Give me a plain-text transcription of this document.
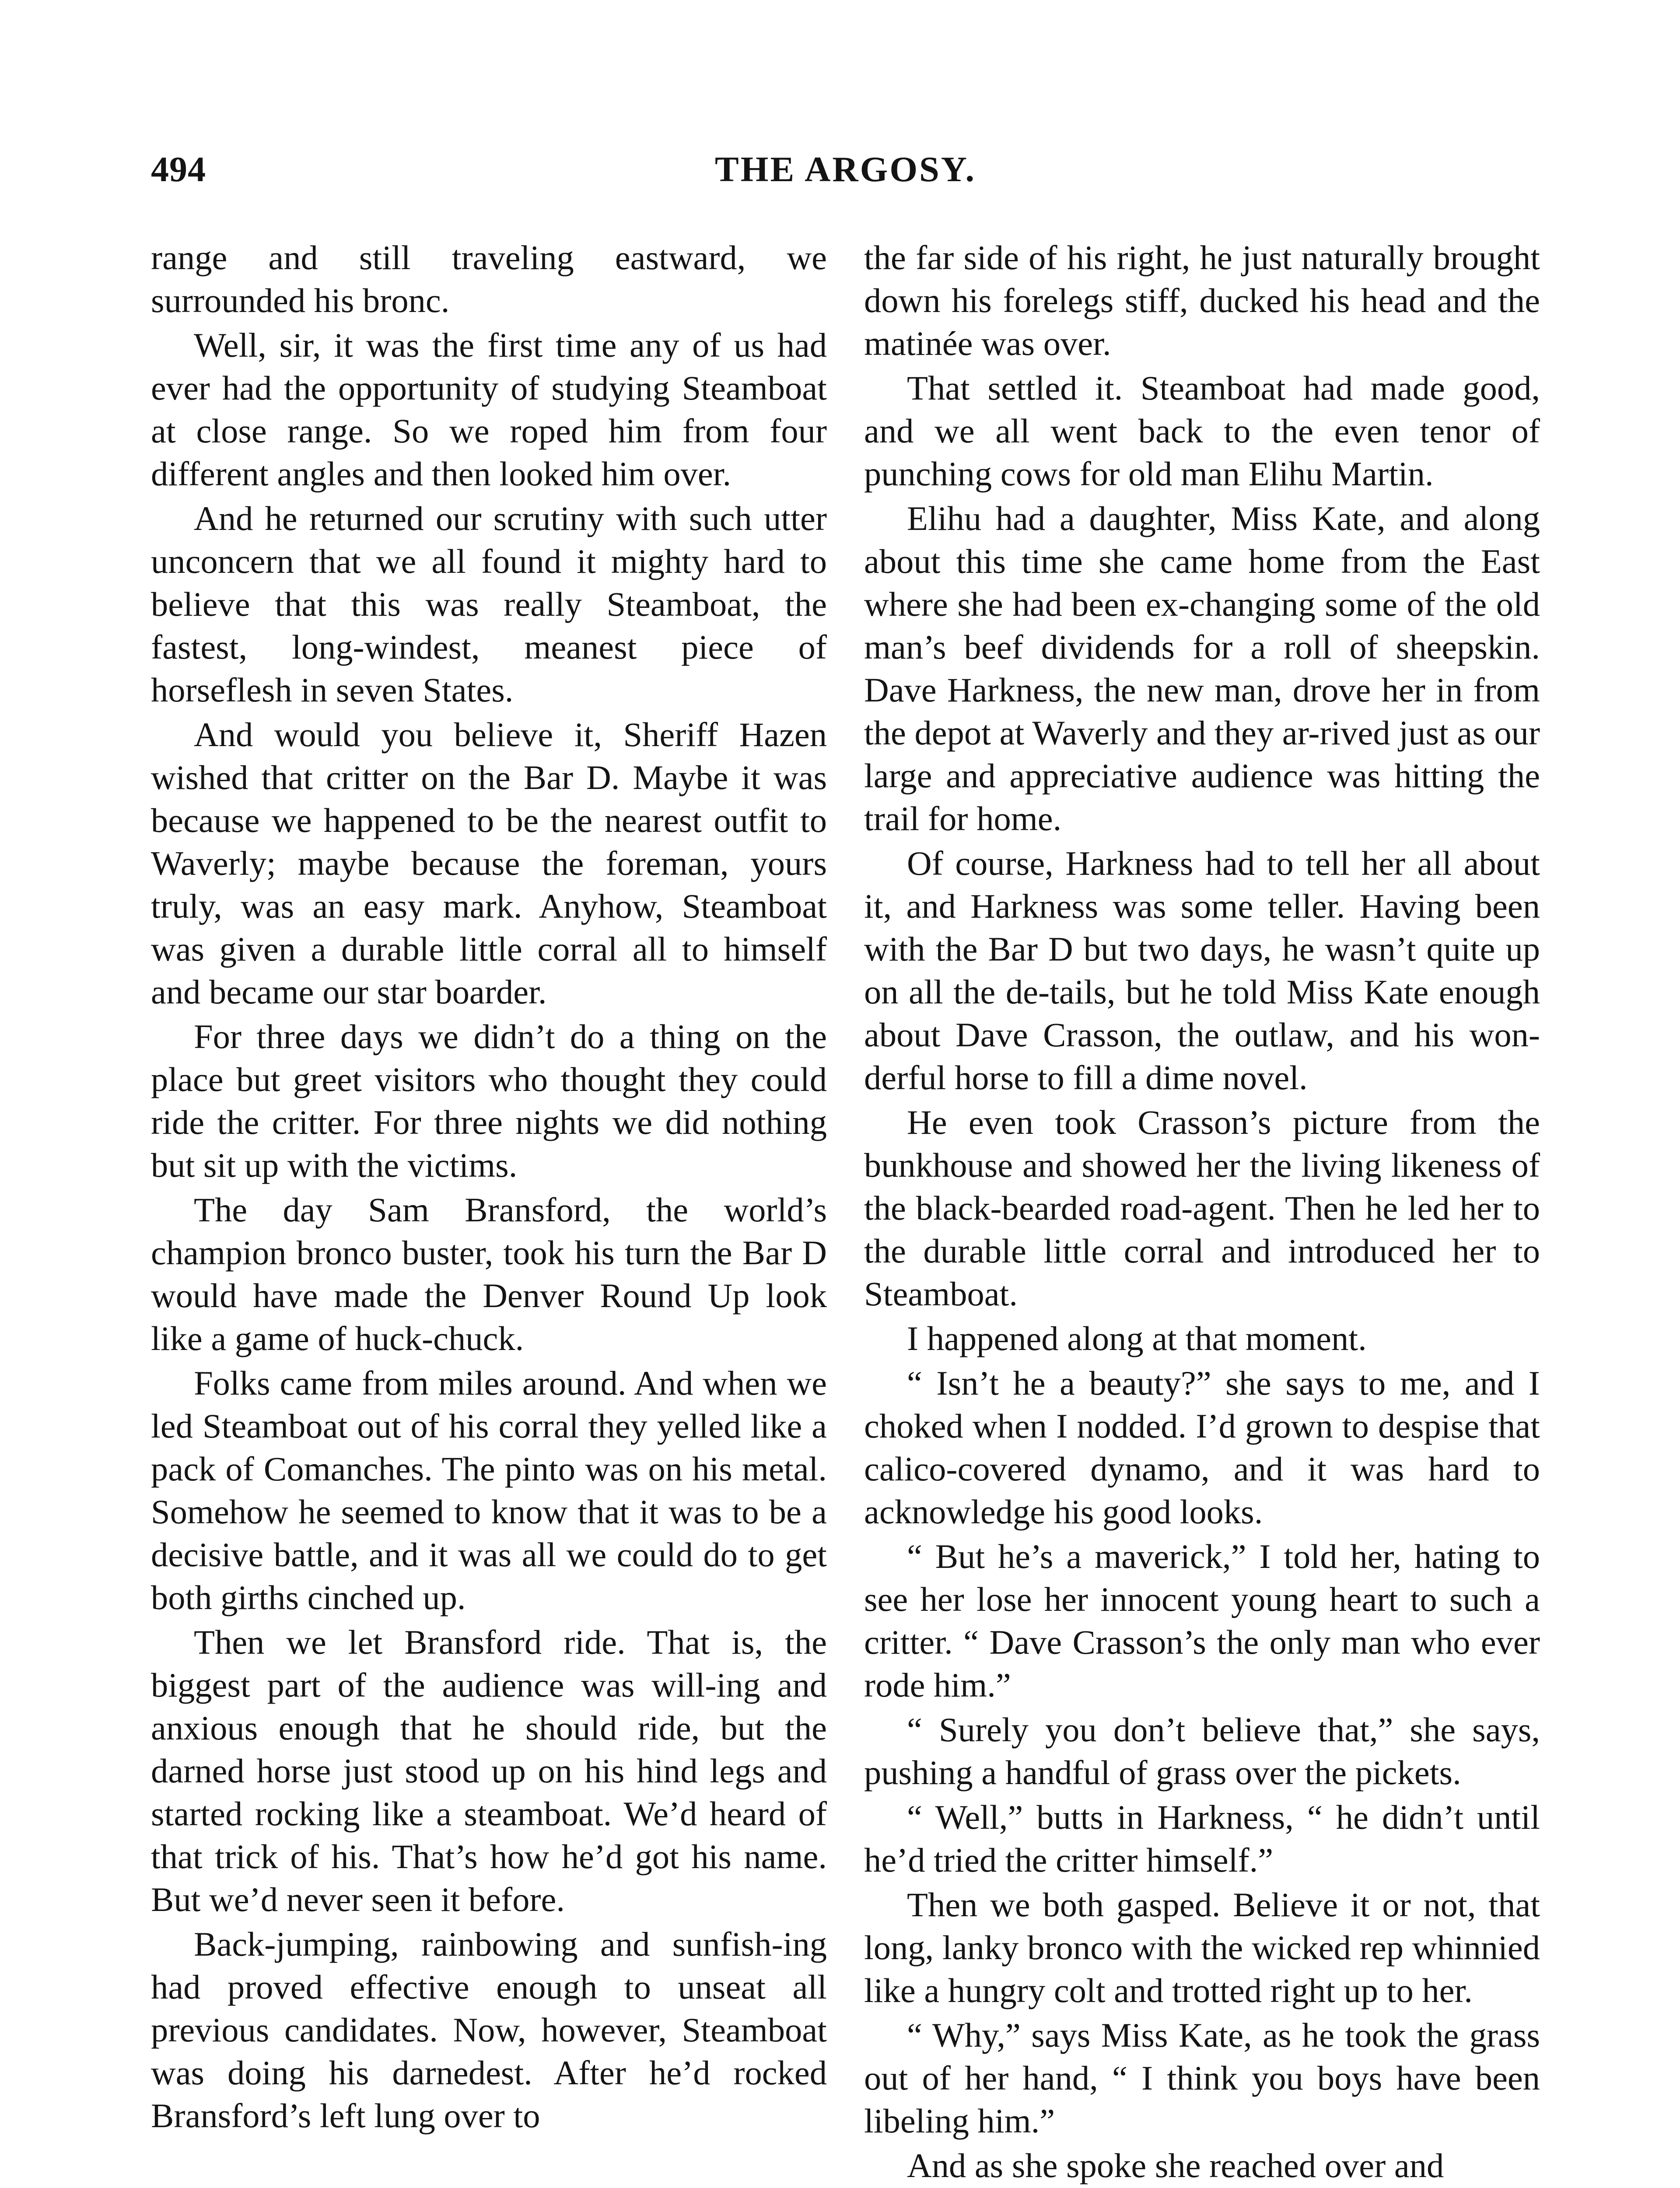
494	THE ARGOSY.

range and still traveling eastward, we surrounded his bronc.

Well, sir, it was the first time any of us had ever had the opportunity of studying Steamboat at close range. So we roped him from four different angles and then looked him over.

And he returned our scrutiny with such utter unconcern that we all found it mighty hard to believe that this was really Steamboat, the fastest, long-windest, meanest piece of horseflesh in seven States.

And would you believe it, Sheriff Hazen wished that critter on the Bar D. Maybe it was because we happened to be the nearest outfit to Waverly; maybe because the foreman, yours truly, was an easy mark. Anyhow, Steamboat was given a durable little corral all to himself and became our star boarder.

For three days we didn’t do a thing on the place but greet visitors who thought they could ride the critter. For three nights we did nothing but sit up with the victims.

The day Sam Bransford, the world’s champion bronco buster, took his turn the Bar D would have made the Denver Round Up look like a game of huck-chuck.

Folks came from miles around. And when we led Steamboat out of his corral they yelled like a pack of Comanches. The pinto was on his metal. Somehow he seemed to know that it was to be a decisive battle, and it was all we could do to get both girths cinched up.

Then we let Bransford ride. That is, the biggest part of the audience was will-ing and anxious enough that he should ride, but the darned horse just stood up on his hind legs and started rocking like a steamboat. We’d heard of that trick of his. That’s how he’d got his name. But we’d never seen it before.

Back-jumping, rainbowing and sunfish-ing had proved effective enough to unseat all previous candidates. Now, however, Steamboat was doing his darnedest. After he’d rocked Bransford’s left lung over to

the far side of his right, he just naturally brought down his forelegs stiff, ducked his head and the matinée was over.

That settled it. Steamboat had made good, and we all went back to the even tenor of punching cows for old man Elihu Martin.

Elihu had a daughter, Miss Kate, and along about this time she came home from the East where she had been ex-changing some of the old man’s beef dividends for a roll of sheepskin. Dave Harkness, the new man, drove her in from the depot at Waverly and they ar-rived just as our large and appreciative audience was hitting the trail for home.

Of course, Harkness had to tell her all about it, and Harkness was some teller. Having been with the Bar D but two days, he wasn’t quite up on all the de-tails, but he told Miss Kate enough about Dave Crasson, the outlaw, and his won-derful horse to fill a dime novel.

He even took Crasson’s picture from the bunkhouse and showed her the living likeness of the black-bearded road-agent. Then he led her to the durable little corral and introduced her to Steamboat.

I happened along at that moment.

“ Isn’t he a beauty?” she says to me, and I choked when I nodded. I’d grown to despise that calico-covered dynamo, and it was hard to acknowledge his good looks.

“ But he’s a maverick,” I told her, hating to see her lose her innocent young heart to such a critter. “ Dave Crasson’s the only man who ever rode him.”

“ Surely you don’t believe that,” she says, pushing a handful of grass over the pickets.

“ Well,” butts in Harkness, “ he didn’t until he’d tried the critter himself.”

Then we both gasped. Believe it or not, that long, lanky bronco with the wicked rep whinnied like a hungry colt and trotted right up to her.

“ Why,” says Miss Kate, as he took the grass out of her hand, “ I think you boys have been libeling him.”

And as she spoke she reached over and
